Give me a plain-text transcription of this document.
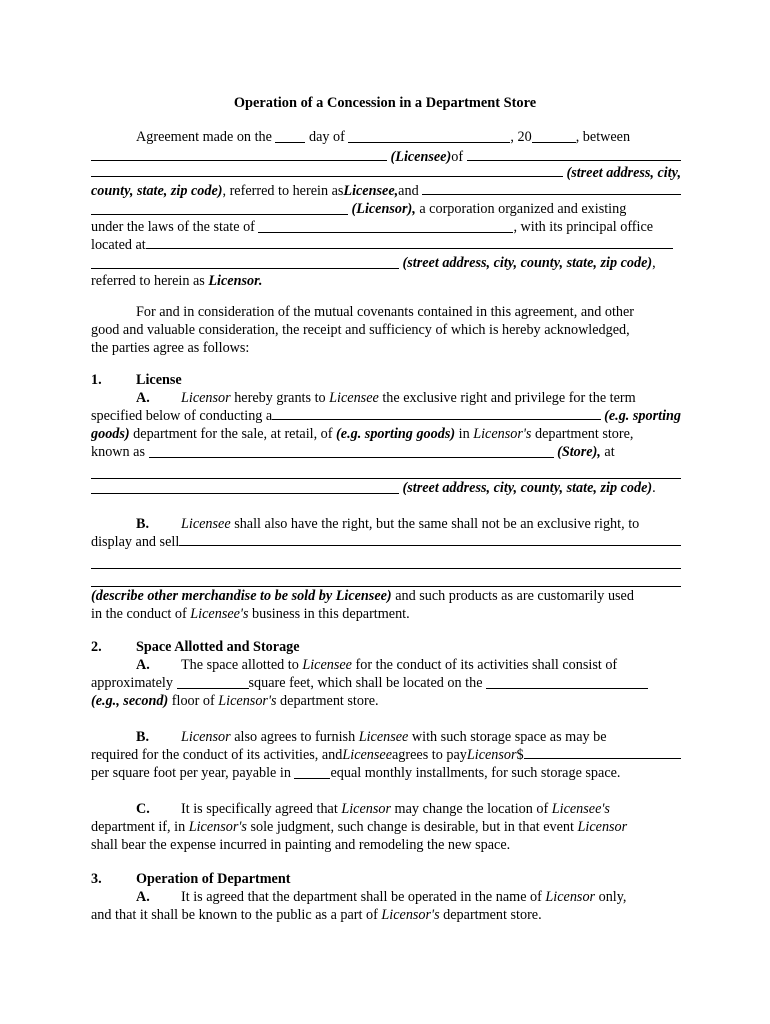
Operation of a Concession in a Department Store
Agreement made on the  day of	, 20	, between

(Licensee) of

(street address, city,
county, state, zip code) , referred to herein as Licensee, and

(Licensor), a corporation organized and existing
under the laws of the state of	, with its principal office
located at
(street address, city, county, state, zip code),
referred to herein as Licensor.
For and in consideration of the mutual covenants contained in this agreement, and other
good and valuable consideration, the receipt and sufficiency of which is hereby acknowledged,
the parties agree as follows:
1. License
A. Licensor hereby grants to Licensee the exclusive right and privilege for the term
specified below of conducting a
	(e.g. sporting
goods) department for the sale, at retail, of (e.g. sporting goods) in Licensor's department store,
known as	(Store), at
(street address, city, county, state, zip code).
B. Licensee shall also have the right, but the same shall not be an exclusive right, to
display and sell
(describe other merchandise to be sold by Licensee) and such products as are customarily used
in the conduct of Licensee's business in this department.
2. Space Allotted and Storage
A. The space allotted to Licensee for the conduct of its activities shall consist of
approximately	square feet, which shall be located on the
(e.g., second) floor of Licensor's department store.
B. Licensor also agrees to furnish Licensee with such storage space as may be
required for the conduct of its activities, and Licensee agrees to pay Licensor $
per square foot per year, payable in	equal monthly installments, for such storage space.
C. It is specifically agreed that Licensor may change the location of Licensee's
department if, in Licensor's sole judgment, such change is desirable, but in that event Licensor
shall bear the expense incurred in painting and remodeling the new space.
3. Operation of Department
A. It is agreed that the department shall be operated in the name of Licensor only,
and that it shall be known to the public as a part of Licensor's department store.
